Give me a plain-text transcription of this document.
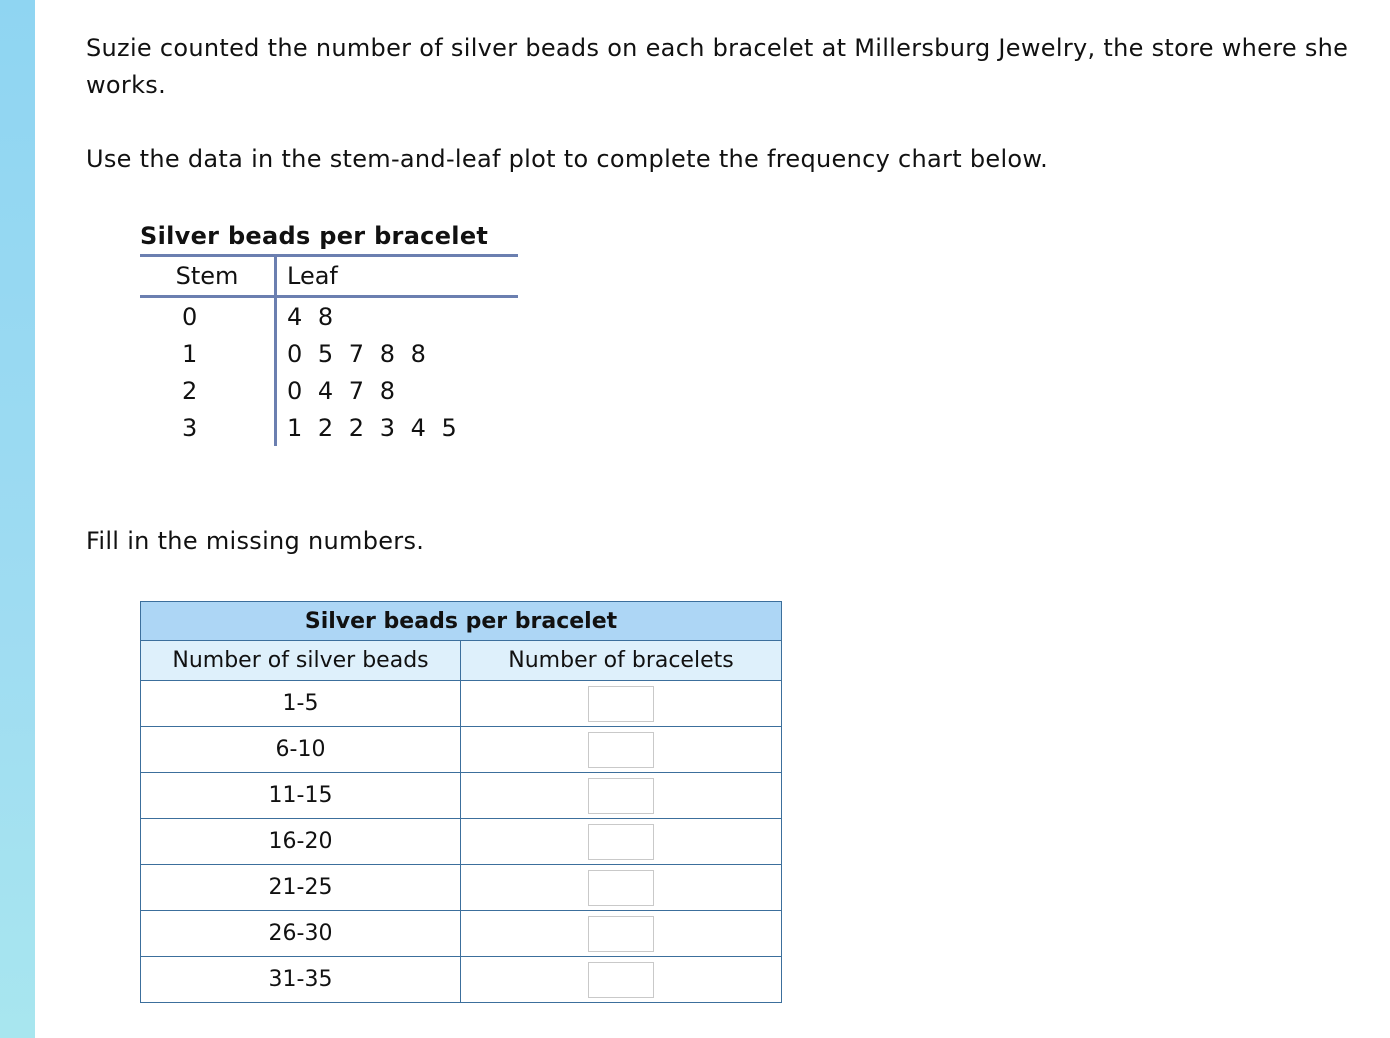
Suzie counted the number of silver beads on each bracelet at Millersburg Jewelry, the store where she works.

Use the data in the stem-and-leaf plot to complete the frequency chart below.

Silver beads per bracelet
Stem	Leaf
0	4 8
1	0 5 7 8 8
2	0 4 7 8
3	1 2 2 3 4 5
Fill in the missing numbers.
Silver beads per bracelet	
Number of silver beads	Number of bracelets
1-5	
6-10	
11-15	
16-20	
21-25	
26-30	
31-35	
